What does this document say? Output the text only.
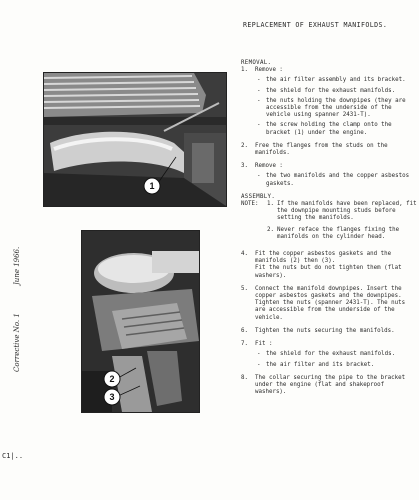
REPLACEMENT OF EXHAUST MANIFOLDS.
June 1966.
Corrective No. 1
C1|..
1
2
3

REMOVAL.

1.	Remove :

- the air filter assembly and its bracket.
- the shield for the exhaust manifolds.
- the nuts holding the downpipes (they are accessible from the underside of the vehicle using spanner 2431-T).
- the screw holding the clamp onto the bracket (1) under the engine.
2.	Free the flanges from the studs on the manifolds.

3.	Remove :

- the two manifolds and the copper asbestos gaskets.

ASSEMBLY.

NOTE:	1. If the manifolds have been replaced, fit the downpipe mounting studs before setting the manifolds.
2. Never reface the flanges fixing the manifolds on the cylinder head.
4.	Fit the copper asbestos gaskets and the manifolds (2) then (3).

Fit the nuts but do not tighten them (flat washers).

5.	Connect the manifold downpipes. Insert the copper asbestos gaskets and the downpipes. Tighten the nuts (spanner 2431-T). The nuts are accessible from the underside of the vehicle.

6.	Tighten the nuts securing the manifolds.

7.	Fit :

- the shield for the exhaust manifolds.
- the air filter and its bracket.
8.	The collar securing the pipe to the bracket under the engine (flat and shakeproof washers).
